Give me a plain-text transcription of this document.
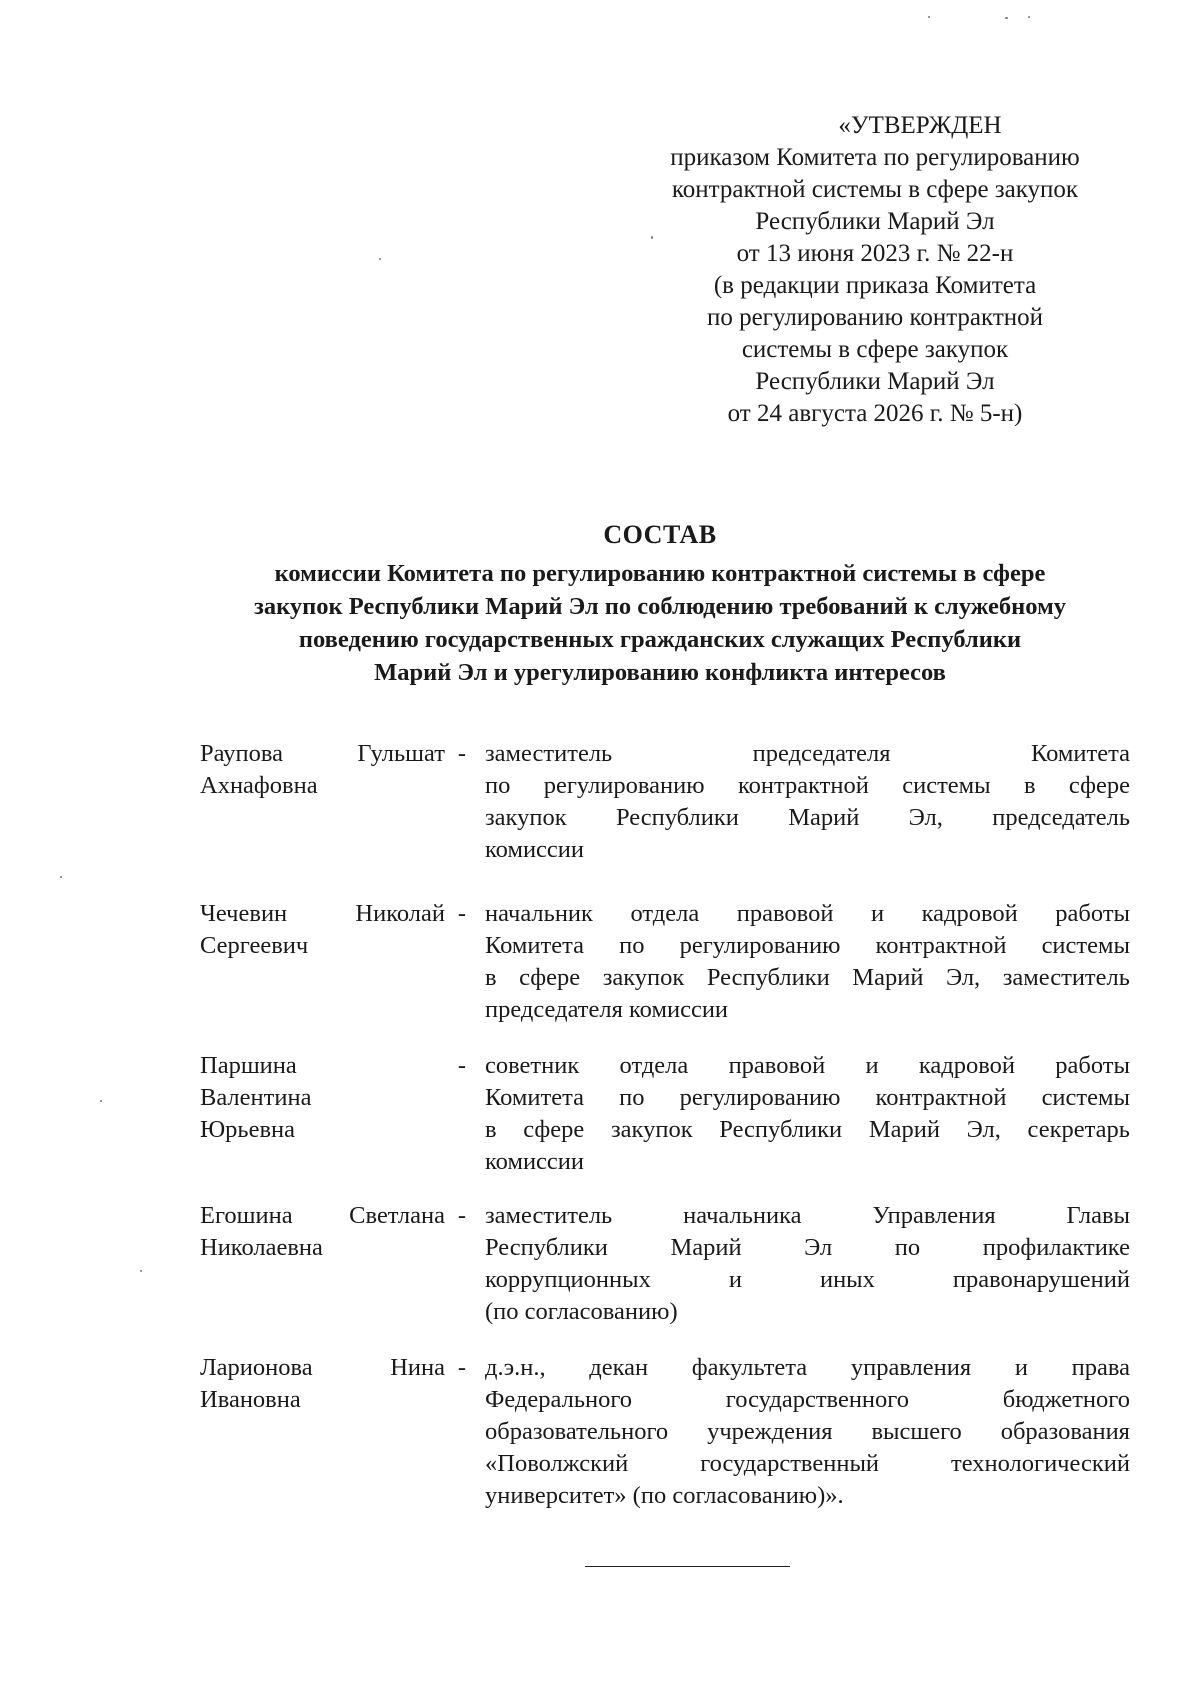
«УТВЕРЖДЕН
приказом Комитета по регулированию
контрактной системы в сфере закупок
Республики Марий Эл
от 13 июня 2023 г. № 22-н
(в редакции приказа Комитета
по регулированию контрактной
системы в сфере закупок
Республики Марий Эл
от 24 августа 2026 г. № 5-н)
СОСТАВ
комиссии Комитета по регулированию контрактной системы в сфере
закупок Республики Марий Эл по соблюдению требований к служебному
поведению государственных гражданских служащих Республики
Марий Эл и урегулированию конфликта интересов
Раупова	Гульшат
Ахнафовна
- заместитель	председателя	Комитета
по регулированию контрактной системы в сфере
закупок Республики Марий Эл, председатель
комиссии
Чечевин	Николай
Сергеевич
- начальник отдела правовой и кадровой работы
Комитета по регулированию контрактной системы
в сфере закупок Республики Марий Эл, заместитель
председателя комиссии
Паршина
Валентина
Юрьевна
- советник отдела правовой и кадровой работы
Комитета по регулированию контрактной системы
в сфере закупок Республики Марий Эл, секретарь
комиссии
Егошина Светлана
Николаевна
- заместитель	начальника	Управления	Главы
Республики	Марий	Эл	по	профилактике
коррупционных	и	иных	правонарушений
(по согласованию)
Ларионова	Нина
Ивановна
- д.э.н., декан факультета управления и права
Федерального	государственного	бюджетного
образовательного учреждения высшего образования
«Поволжский	государственный	технологический
университет» (по согласованию)».
